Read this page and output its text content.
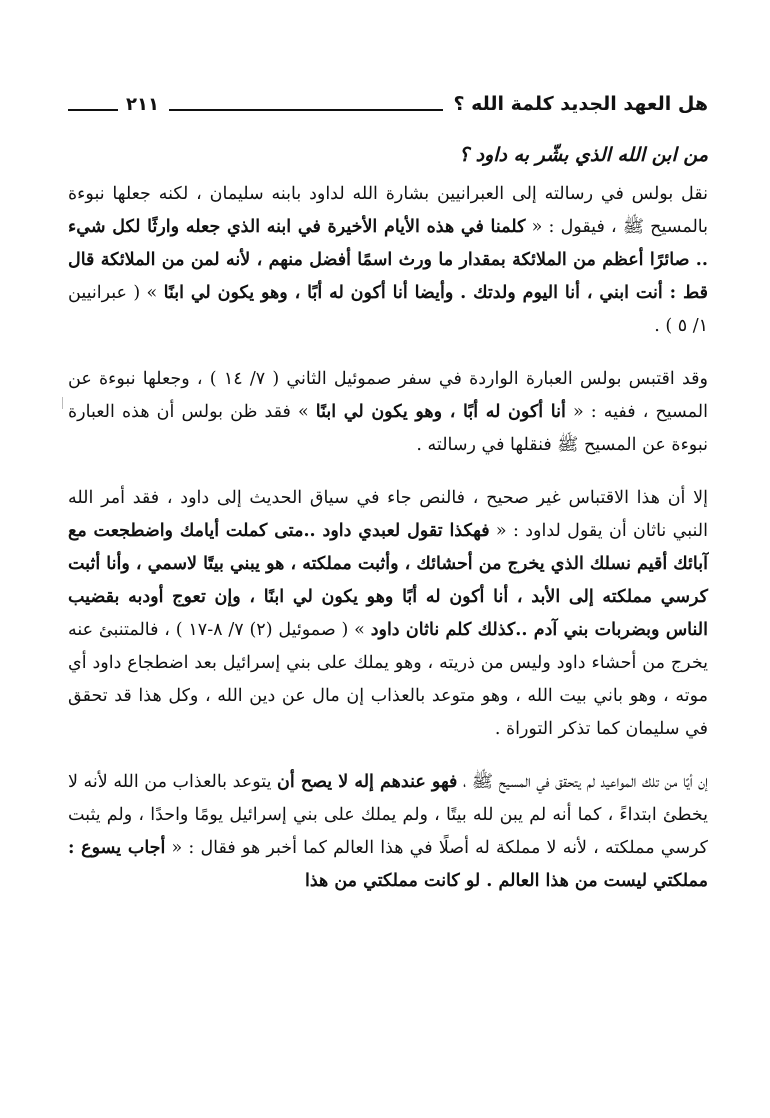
هل العهد الجديد كلمة الله ؟
٢١١
من ابن الله الذي بشّر به داود ؟

نقل بولس في رسالته إلى العبرانيين بشارة الله لداود بابنه سليمان ، لكنه جعلها نبوءة بالمسيح ﷺ ، فيقول : « كلمنا في هذه الأيام الأخيرة في ابنه الذي جعله وارثًا لكل شيء .. صائرًا أعظم من الملائكة بمقدار ما ورث اسمًا أفضل منهم ، لأنه لمن من الملائكة قال قط : أنت ابني ، أنا اليوم ولدتك . وأيضا أنا أكون له أبًا ، وهو يكون لي ابنًا » ( عبرانيين ١/ ٥ ) .

وقد اقتبس بولس العبارة الواردة في سفر صموئيل الثاني ( ٧/ ١٤ ) ، وجعلها نبوءة عن المسيح ، ففيه : « أنا أكون له أبًا ، وهو يكون لي ابنًا » فقد ظن بولس أن هذه العبارة نبوءة عن المسيح ﷺ فنقلها في رسالته .

إلا أن هذا الاقتباس غير صحيح ، فالنص جاء في سياق الحديث إلى داود ، فقد أمر الله النبي ناثان أن يقول لداود : « فهكذا تقول لعبدي داود ..متى كملت أيامك واضطجعت مع آبائك أقيم نسلك الذي يخرج من أحشائك ، وأثبت مملكته ، هو يبني بيتًا لاسمي ، وأنا أثبت كرسي مملكته إلى الأبد ، أنا أكون له أبًا وهو يكون لي ابنًا ، وإن تعوج أودبه بقضيب الناس وبضربات بني آدم ..كذلك كلم ناثان داود » ( صموئيل (٢) ٧/ ٨-١٧ ) ، فالمتنبئ عنه يخرج من أحشاء داود وليس من ذريته ، وهو يملك على بني إسرائيل بعد اضطجاع داود أي موته ، وهو باني بيت الله ، وهو متوعد بالعذاب إن مال عن دين الله ، وكل هذا قد تحقق في سليمان كما تذكر التوراة .

إن أيًا من تلك المواعيد لم يتحقق في المسيح ﷺ ، فهو عندهم إله لا يصح أن يتوعد بالعذاب من الله لأنه لا يخطئ ابتداءً ، كما أنه لم يبن لله بيتًا ، ولم يملك على بني إسرائيل يومًا واحدًا ، ولم يثبت كرسي مملكته ، لأنه لا مملكة له أصلًا في هذا العالم كما أخبر هو فقال : « أجاب يسوع : مملكتي ليست من هذا العالم . لو كانت مملكتي من هذا
